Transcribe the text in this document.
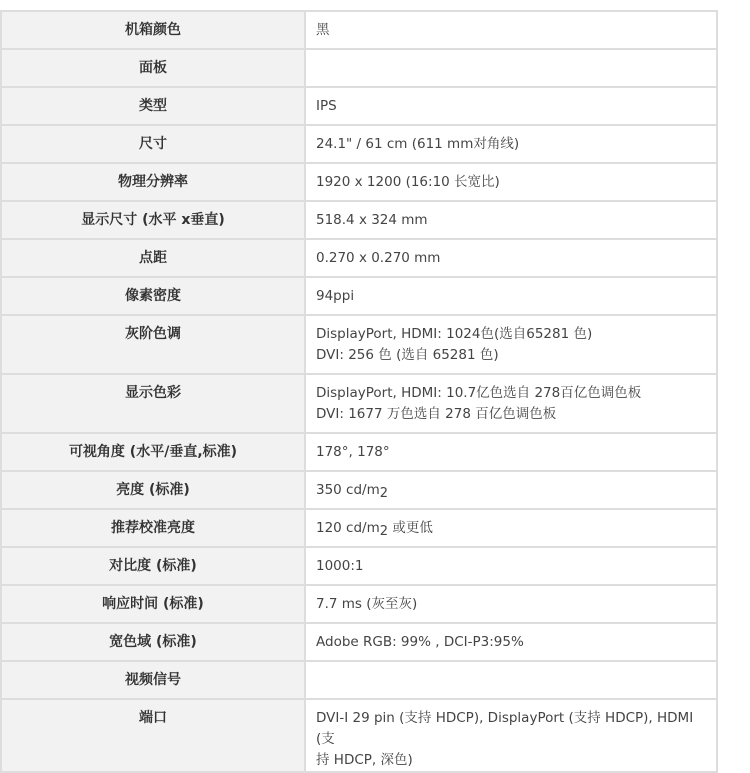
机箱颜色	黑

面板	

类型	IPS

尺寸	24.1" / 61 cm (611 mm对角线)

物理分辨率	1920 x 1200 (16:10 长宽比)

显示尺寸 (水平 x垂直)	518.4 x 324 mm

点距	0.270 x 0.270 mm

像素密度	94ppi

灰阶色调	DisplayPort, HDMI: 1024色(选自65281 色)
DVI: 256 色 (选自 65281 色)

显示色彩	DisplayPort, HDMI: 10.7亿色选自 278百亿色调色板
DVI: 1677 万色选自 278 百亿色调色板

可视角度 (水平/垂直,标准)	178°, 178°

亮度 (标准)	350 cd/m2

推荐校准亮度	120 cd/m2 或更低

对比度 (标准)	1000:1

响应时间 (标准)	7.7 ms (灰至灰)

宽色域 (标准)	Adobe RGB: 99% , DCI-P3:95%

视频信号	

端口	DVI-I 29 pin (支持 HDCP), DisplayPort (支持 HDCP), HDMI (支
持 HDCP, 深色)
